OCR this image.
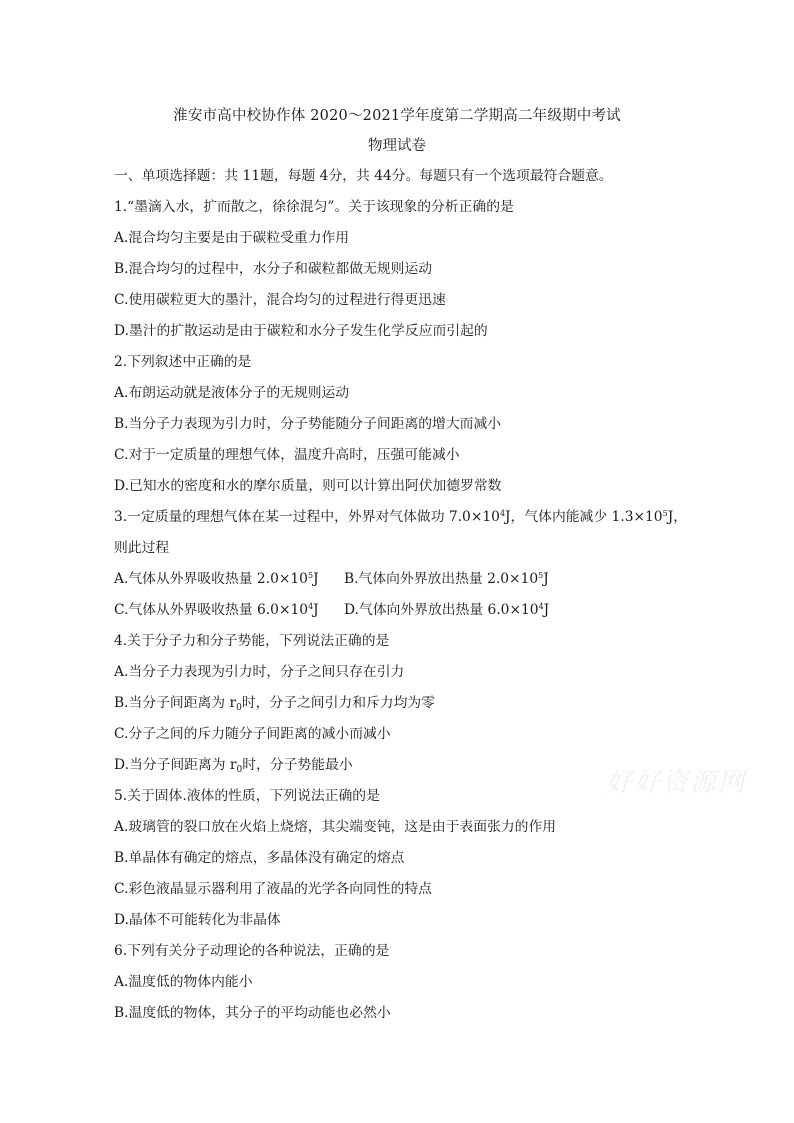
淮安市高中校协作体 2020～2021学年度第二学期高二年级期中考试
物理试卷
一、单项选择题：共 11题，每题 4分，共 44分。每题只有一个选项最符合题意。
1.“墨滴入水，扩而散之，徐徐混匀”。关于该现象的分析正确的是
A.混合均匀主要是由于碳粒受重力作用
B.混合均匀的过程中，水分子和碳粒都做无规则运动
C.使用碳粒更大的墨汁，混合均匀的过程进行得更迅速
D.墨汁的扩散运动是由于碳粒和水分子发生化学反应而引起的
2.下列叙述中正确的是
A.布朗运动就是液体分子的无规则运动
B.当分子力表现为引力时，分子势能随分子间距离的增大而减小
C.对于一定质量的理想气体，温度升高时，压强可能减小
D.已知水的密度和水的摩尔质量，则可以计算出阿伏加德罗常数
3.一定质量的理想气体在某一过程中，外界对气体做功 $7.0\times 10^4J$，气体内能减少 $1.3\times 10^5J$，
则此过程
A.气体从外界吸收热量 $2.0\times 10^5J$	B.气体向外界放出热量 $2.0\times 10^5J$
C.气体从外界吸收热量 $6.0\times 10^4J$	D.气体向外界放出热量 $6.0\times 10^4J$
4.关于分子力和分子势能，下列说法正确的是
A.当分子力表现为引力时，分子之间只存在引力
B.当分子间距离为 $r_0$时，分子之间引力和斥力均为零
C.分子之间的斥力随分子间距离的减小而减小
D.当分子间距离为 $r_0$时，分子势能最小
5.关于固体.液体的性质，下列说法正确的是
A.玻璃管的裂口放在火焰上烧熔，其尖端变钝，这是由于表面张力的作用
B.单晶体有确定的熔点，多晶体没有确定的熔点
C.彩色液晶显示器利用了液晶的光学各向同性的特点
D.晶体不可能转化为非晶体
6.下列有关分子动理论的各种说法，正确的是
A.温度低的物体内能小
B.温度低的物体，其分子的平均动能也必然小
好好资源网
